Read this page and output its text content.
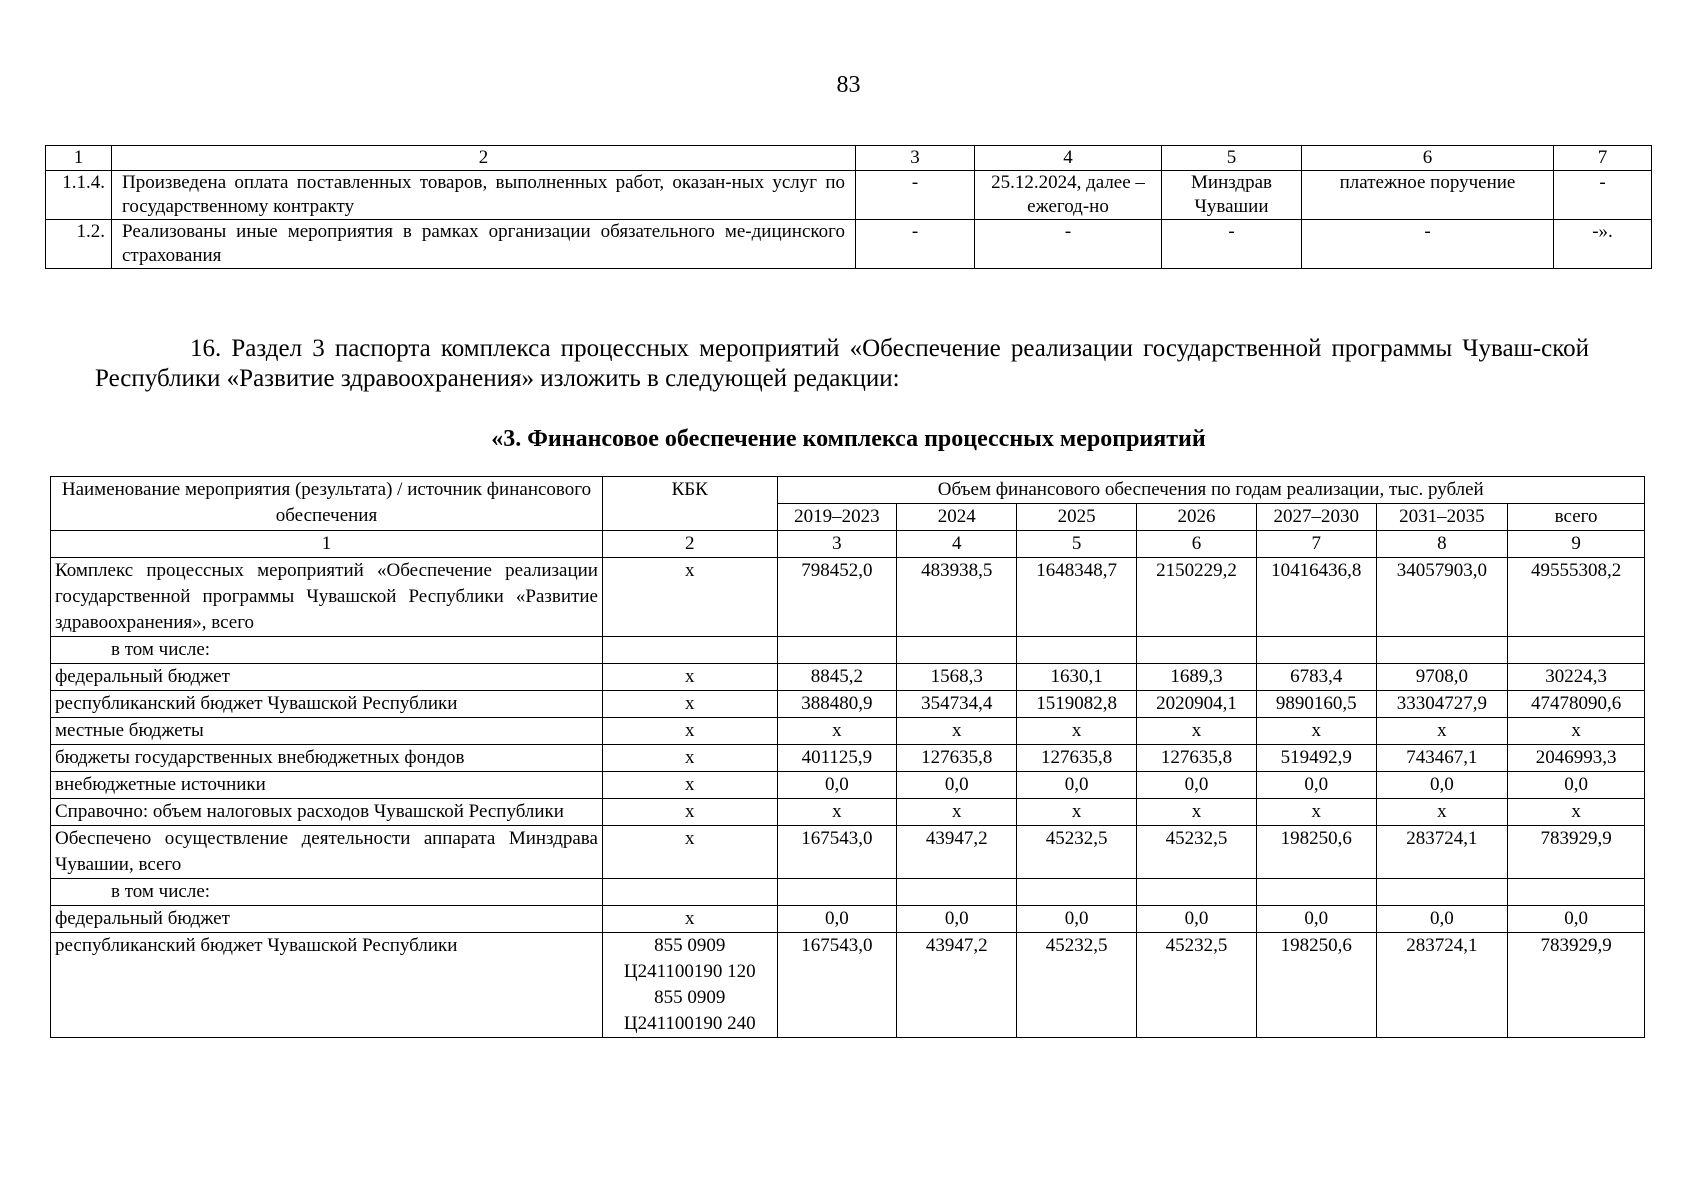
83
1	2	3	4	5	6	7
1.1.4.	Произведена оплата поставленных товаров, выполненных работ, оказан-ных услуг по государственному контракту	-	25.12.2024, далее – ежегод-но	Минздрав Чувашии	платежное поручение	-
1.2.	Реализованы иные мероприятия в рамках организации обязательного ме-дицинского страхования	-	-	-	-	-».
16. Раздел 3 паспорта комплекса процессных мероприятий «Обеспечение реализации государственной программы Чуваш-ской Республики «Развитие здравоохранения» изложить в следующей редакции:
«3. Финансовое обеспечение комплекса процессных мероприятий
Наименование мероприятия (результата) / источник финансового обеспечения	КБК	Объем финансового обеспечения по годам реализации, тыс. рублей						
		2019–2023	2024	2025	2026	2027–2030	2031–2035	всего
1	2	3	4	5	6	7	8	9
Комплекс процессных мероприятий «Обеспечение реализации государственной программы Чувашской Республики «Развитие здравоохранения», всего	х	798452,0	483938,5	1648348,7	2150229,2	10416436,8	34057903,0	49555308,2
в том числе:								
федеральный бюджет	х	8845,2	1568,3	1630,1	1689,3	6783,4	9708,0	30224,3
республиканский бюджет Чувашской Республики	х	388480,9	354734,4	1519082,8	2020904,1	9890160,5	33304727,9	47478090,6
местные бюджеты	х	х	х	х	х	х	х	х
бюджеты государственных внебюджетных фондов	х	401125,9	127635,8	127635,8	127635,8	519492,9	743467,1	2046993,3
внебюджетные источники	х	0,0	0,0	0,0	0,0	0,0	0,0	0,0
Справочно: объем налоговых расходов Чувашской Республики	х	х	х	х	х	х	х	х
Обеспечено осуществление деятельности аппарата Минздрава Чувашии, всего	х	167543,0	43947,2	45232,5	45232,5	198250,6	283724,1	783929,9
в том числе:								
федеральный бюджет	х	0,0	0,0	0,0	0,0	0,0	0,0	0,0
республиканский бюджет Чувашской Республики	855 0909 Ц241100190 120 855 0909 Ц241100190 240	167543,0	43947,2	45232,5	45232,5	198250,6	283724,1	783929,9
